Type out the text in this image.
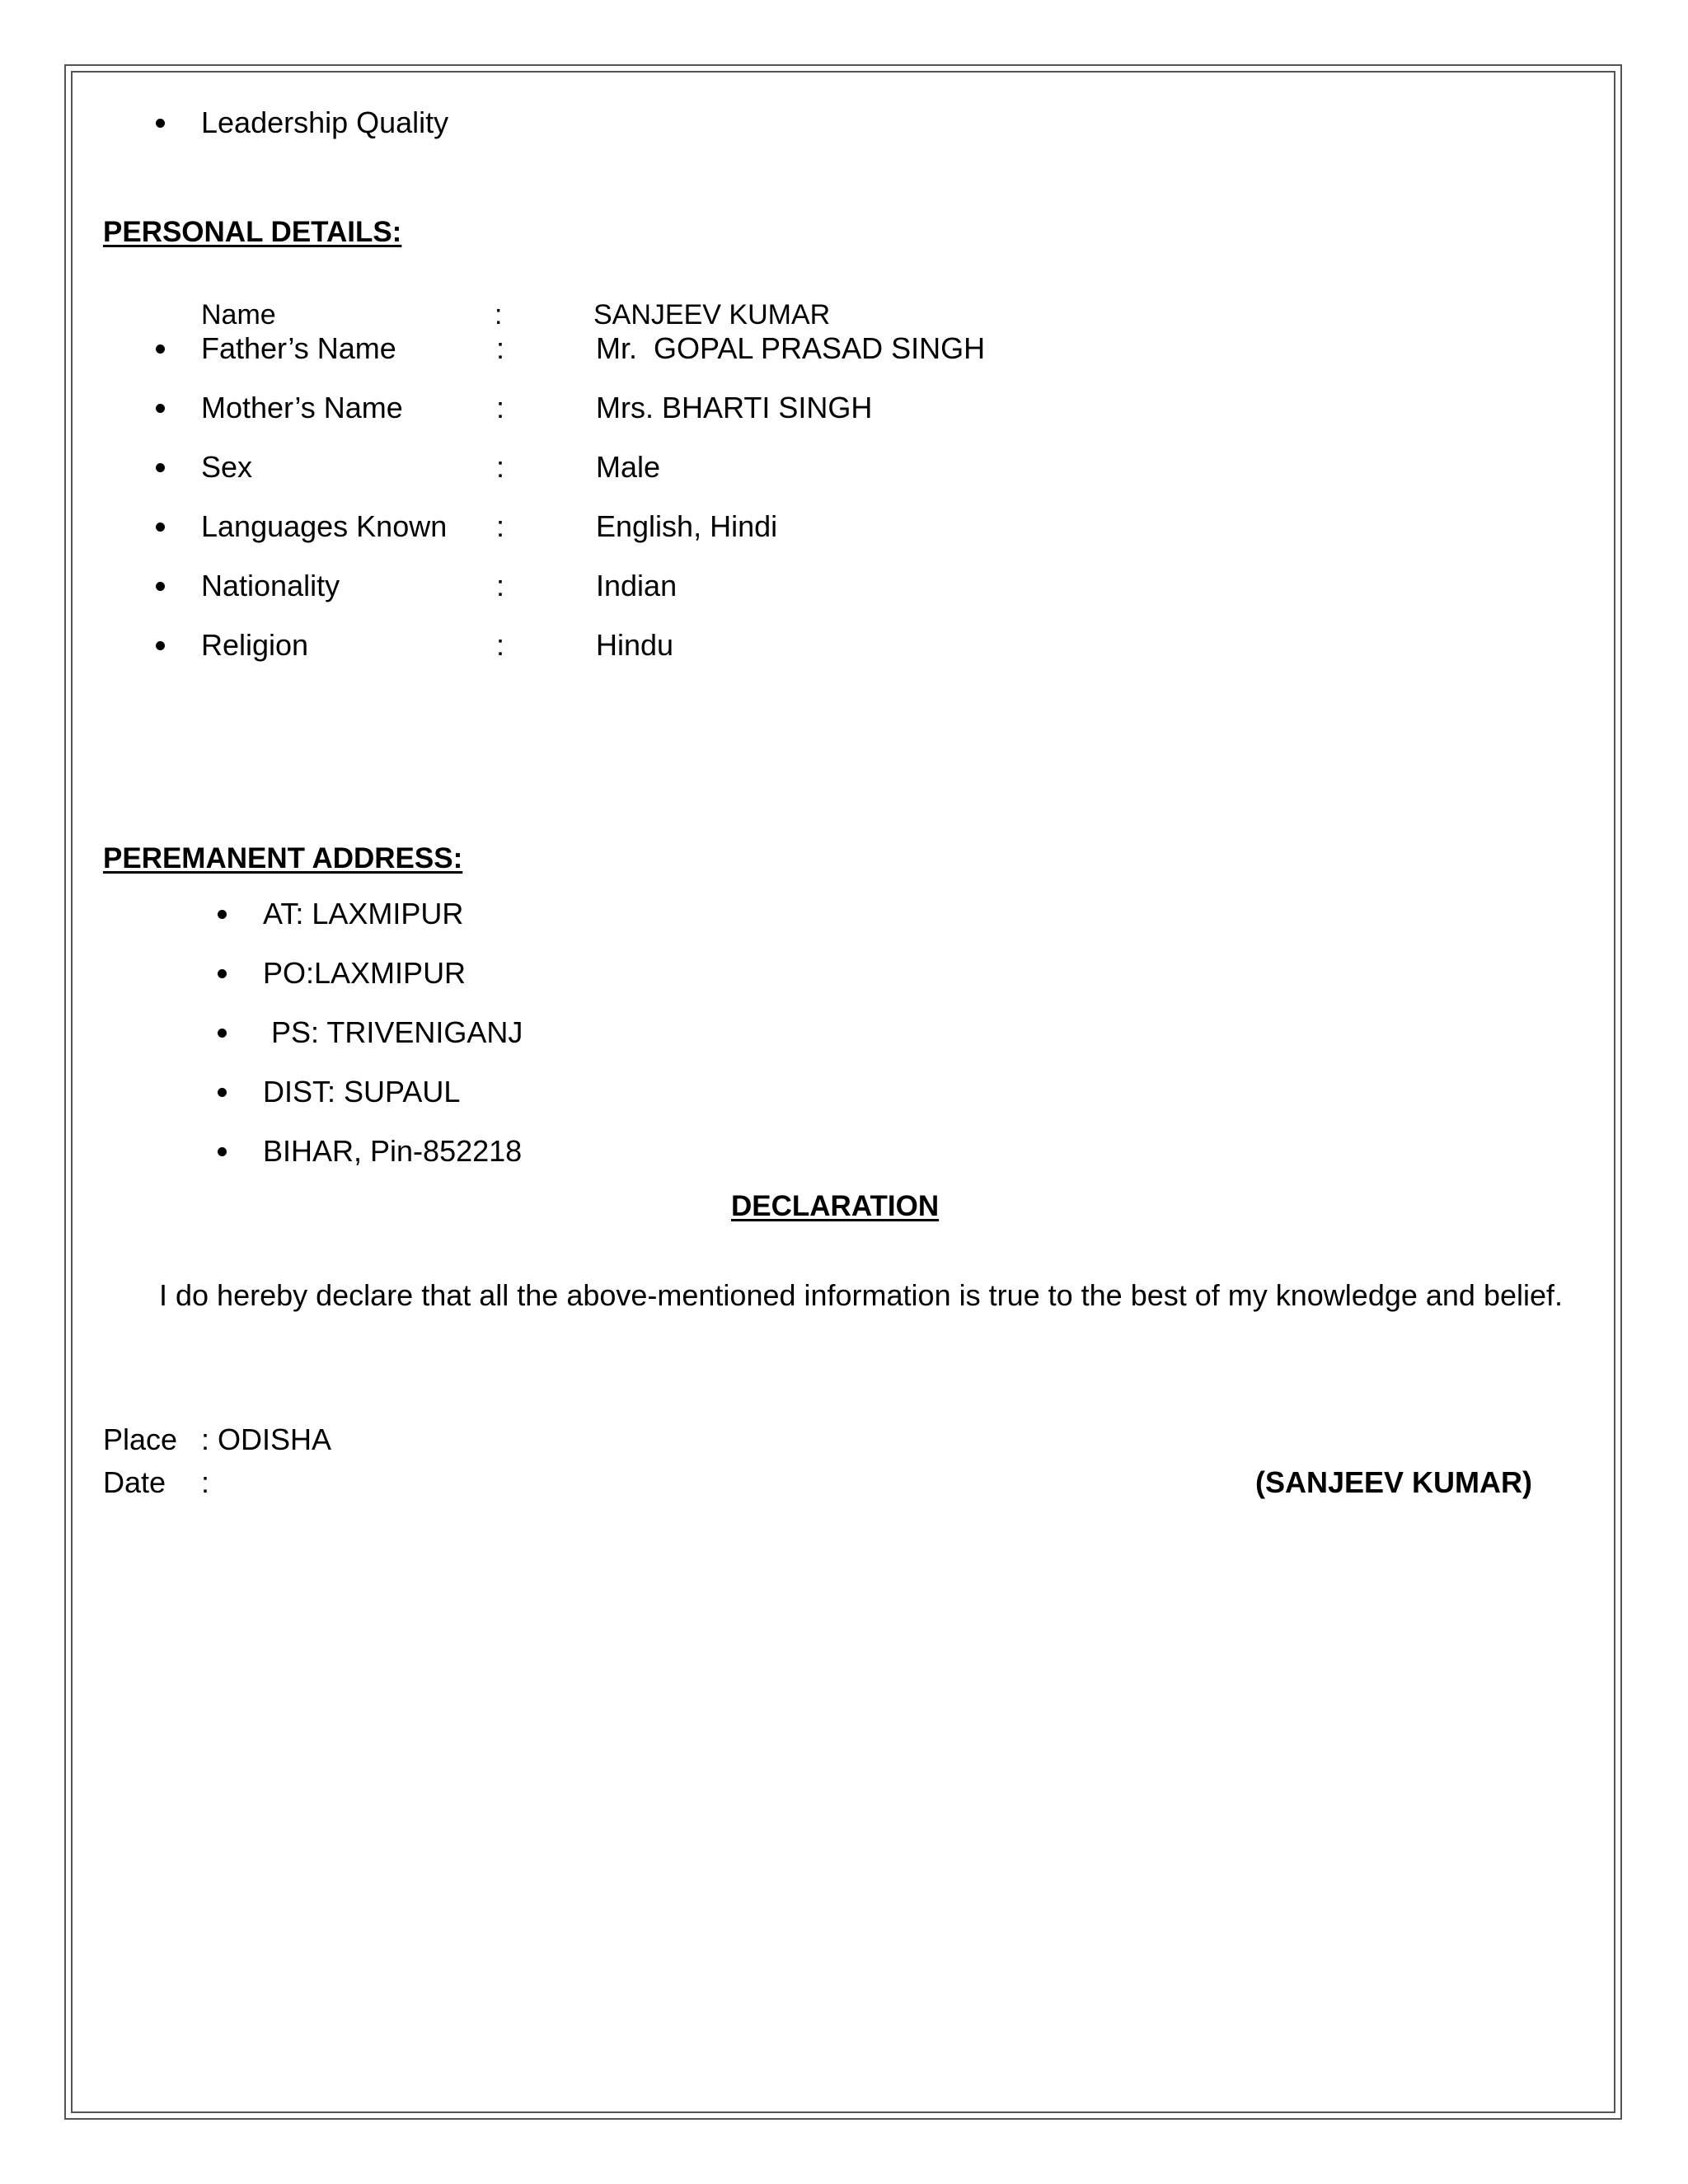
Leadership Quality
PERSONAL DETAILS:
Name	:	SANJEEV KUMAR
Father’s Name	:	Mr.  GOPAL PRASAD SINGH
Mother’s Name	:	Mrs. BHARTI SINGH
Sex	:	Male
Languages Known :	English, Hindi
Nationality	:	Indian
Religion	:	Hindu
PEREMANENT ADDRESS:
AT: LAXMIPUR
PO:LAXMIPUR
PS: TRIVENIGANJ
DIST: SUPAUL
BIHAR, Pin-852218
DECLARATION
I do hereby declare that all the above-mentioned information is true to the best of my knowledge and belief.
Place : ODISHA
Date :	(SANJEEV KUMAR)
